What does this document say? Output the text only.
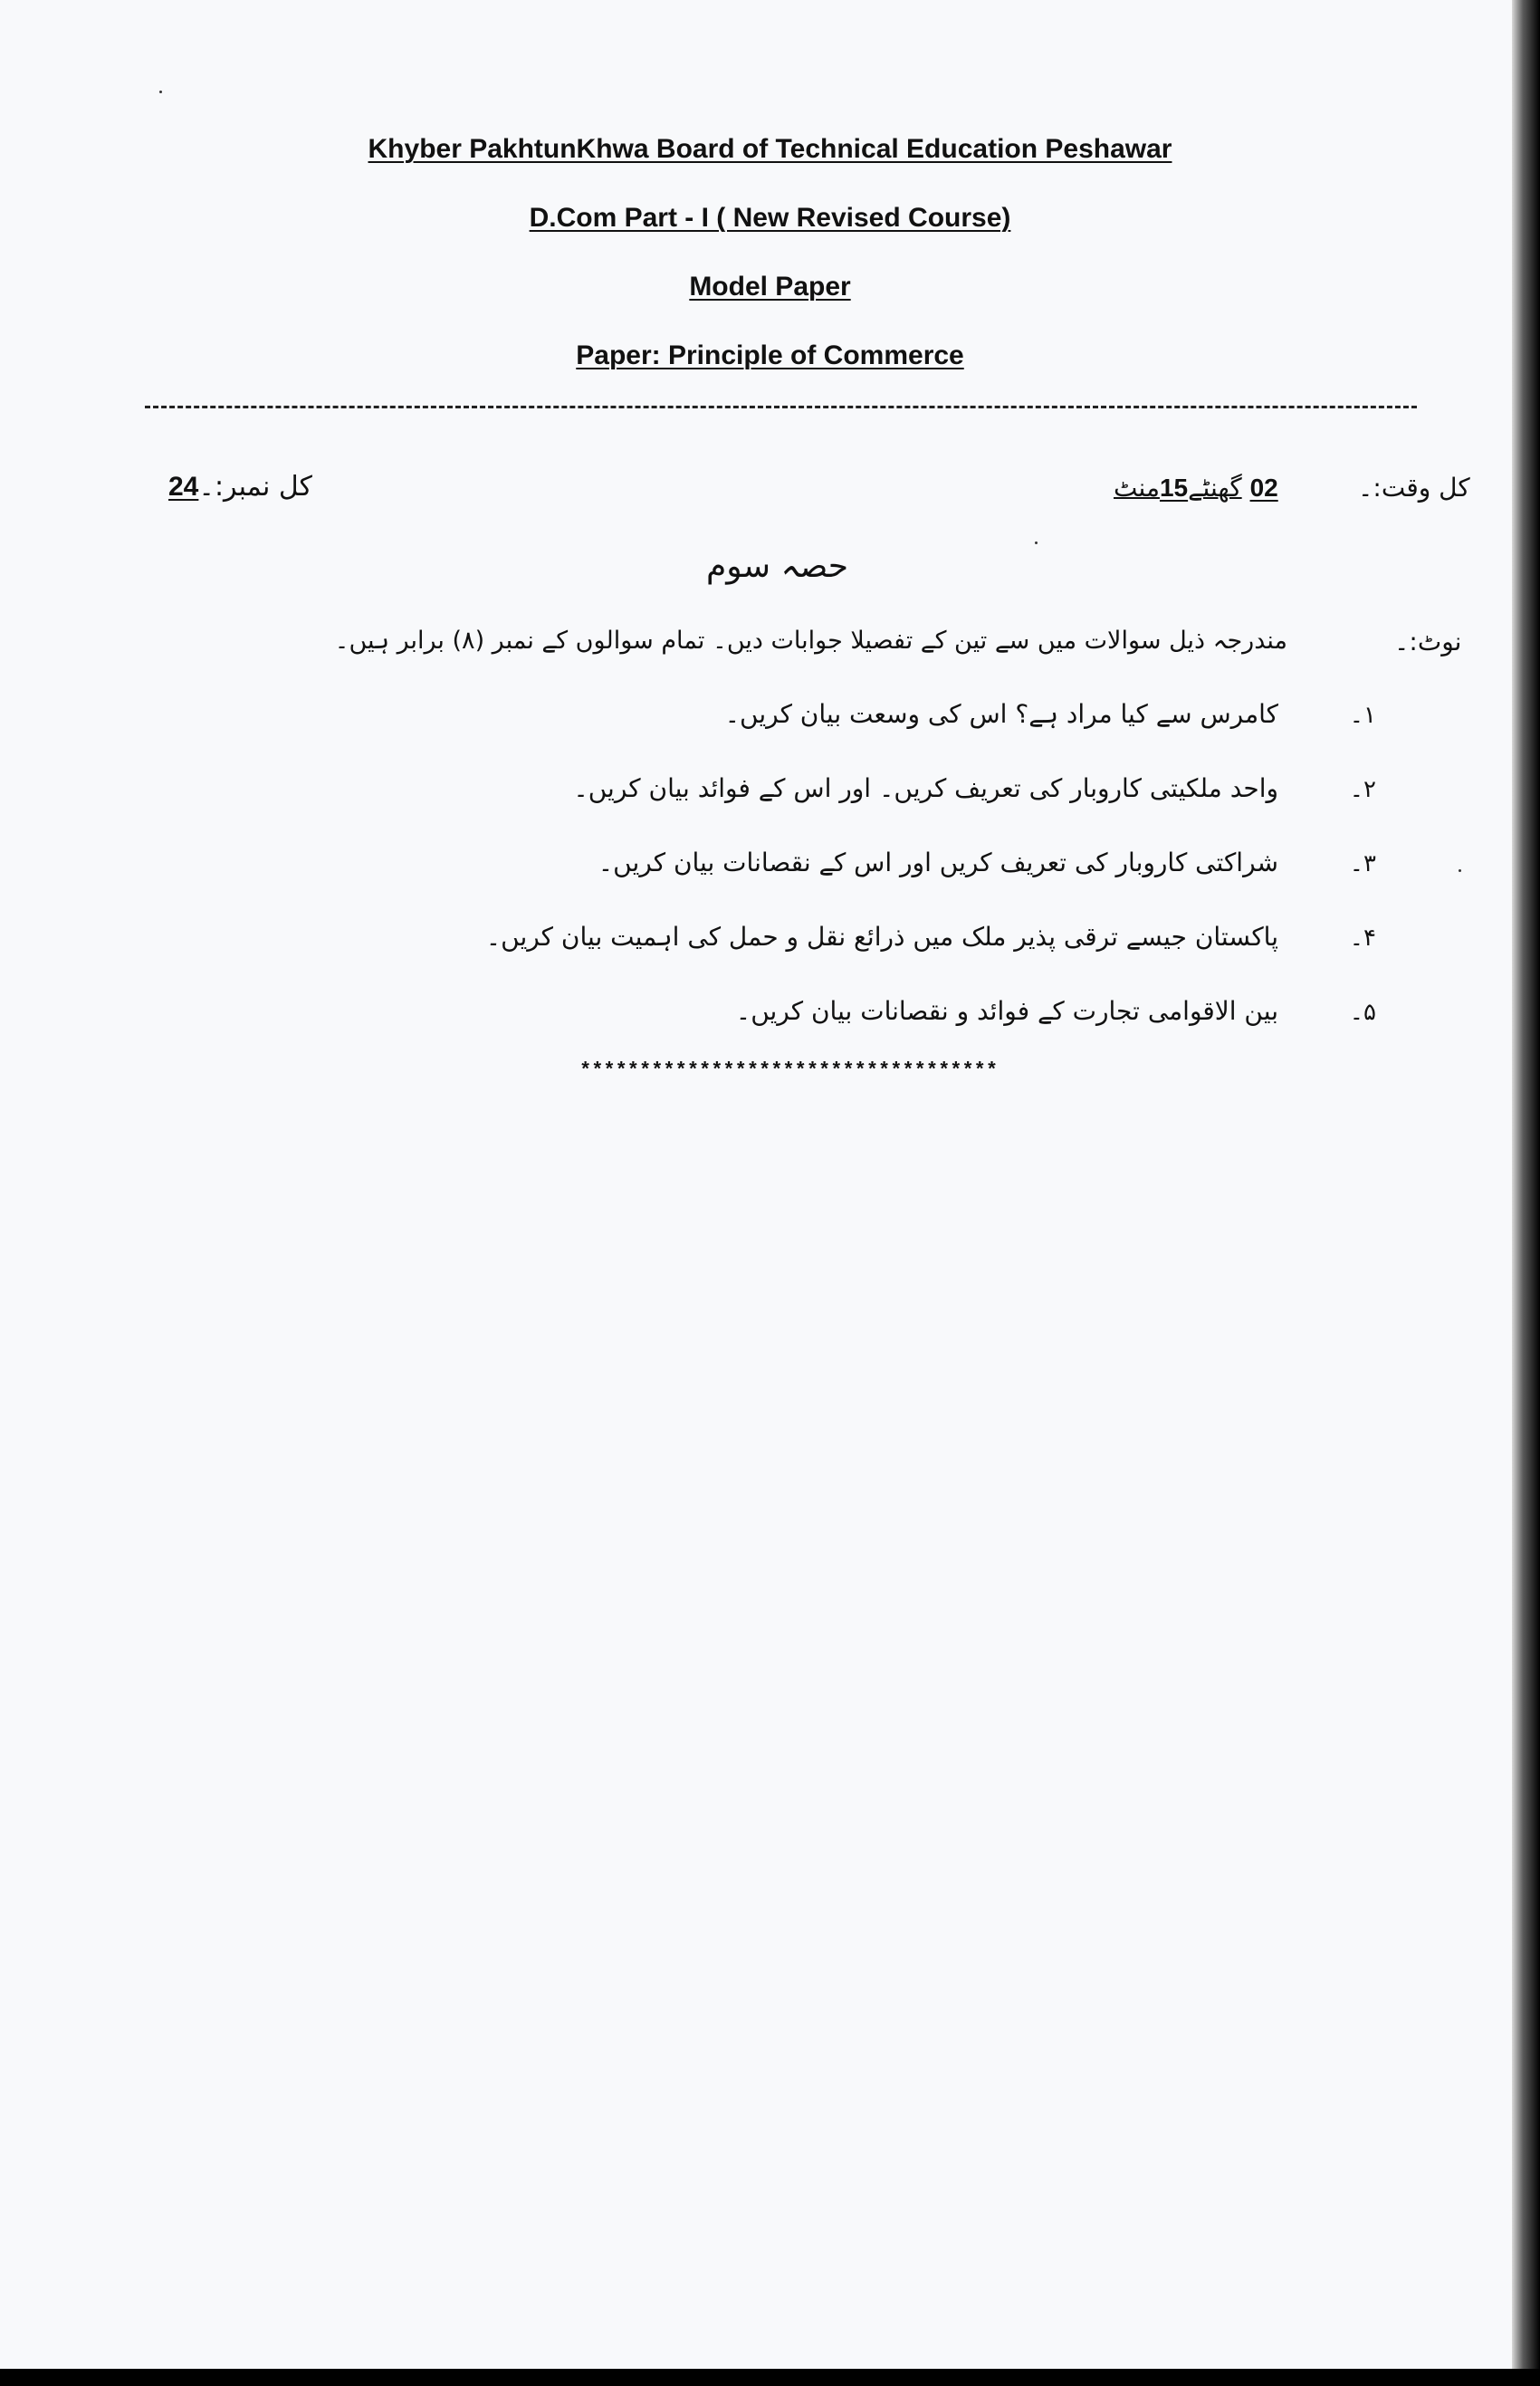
Khyber PakhtunKhwa Board of Technical Education Peshawar
D.Com Part - I ( New Revised Course)
Model Paper
Paper: Principle of Commerce
کل نمبر:۔24	02 گھنٹے15منٹ	کل وقت:۔
حصہ سوم
نوٹ:۔
مندرجہ ذیل سوالات میں سے تین کے تفصیلا جوابات دیں۔ تمام سوالوں کے نمبر (۸) برابر ہیں۔
۱۔
کامرس سے کیا مراد ہے؟ اس کی وسعت بیان کریں۔
۲۔
واحد ملکیتی کاروبار کی تعریف کریں۔ اور اس کے فوائد بیان کریں۔
۳۔
شراکتی کاروبار کی تعریف کریں اور اس کے نقصانات بیان کریں۔
۴۔
پاکستان جیسے ترقی پذیر ملک میں ذرائع نقل و حمل کی اہمیت بیان کریں۔
۵۔
بین الاقوامی تجارت کے فوائد و نقصانات بیان کریں۔
***********************************
